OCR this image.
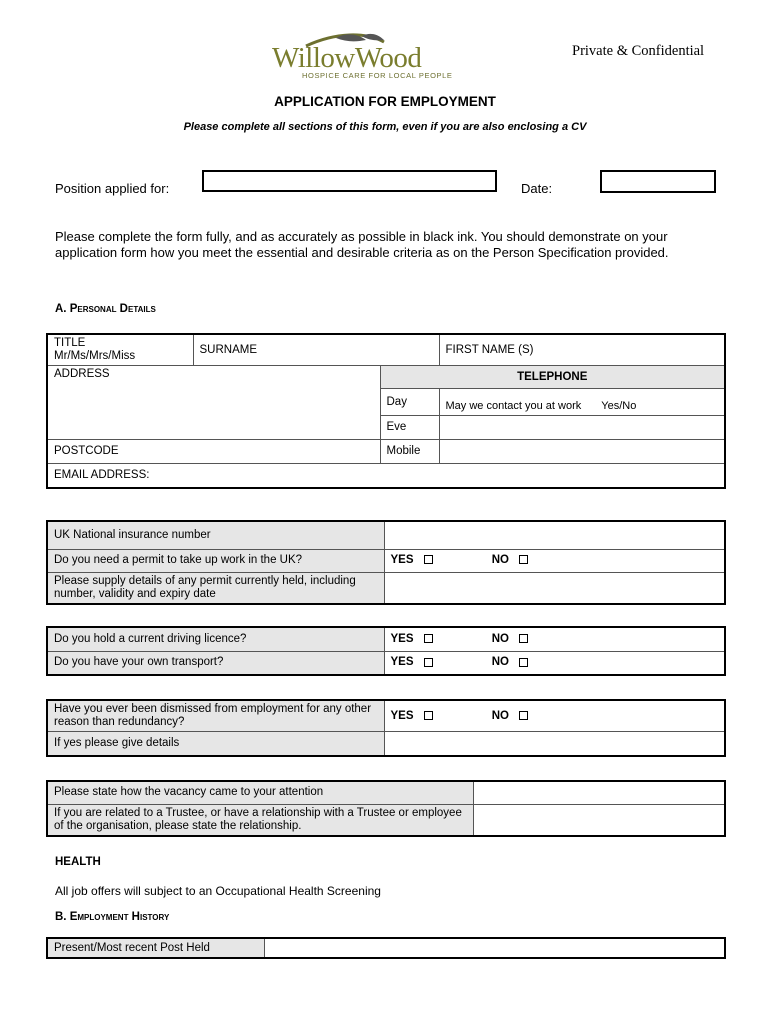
WillowWood
HOSPICE CARE FOR LOCAL PEOPLE
Private & Confidential
APPLICATION FOR EMPLOYMENT
Please complete all sections of this form, even if you are also enclosing a CV
Position applied for:	Date:
Please complete the form fully, and as accurately as possible in black ink. You should demonstrate on your application form how you meet the essential and desirable criteria as on the Person Specification provided.
A. Personal Details
TITLE
Mr/Ms/Mrs/Miss	SURNAME		FIRST NAME (S)
ADDRESS		TELEPHONE	
		Day	May we contact you at work Yes/No
		Eve	
POSTCODE		Mobile	
EMAIL ADDRESS:			
UK National insurance number	
Do you need a permit to take up work in the UK?	YES NO
Please supply details of any permit currently held, including number, validity and expiry date	
Do you hold a current driving licence?	YES NO
Do you have your own transport?	YES NO
Have you ever been dismissed from employment for any other reason than redundancy?	YES NO
If yes please give details	
Please state how the vacancy came to your attention	
If you are related to a Trustee, or have a relationship with a Trustee or employee of the organisation, please state the relationship.	
HEALTH
All job offers will subject to an Occupational Health Screening
B. Employment History
Present/Most recent Post Held	
